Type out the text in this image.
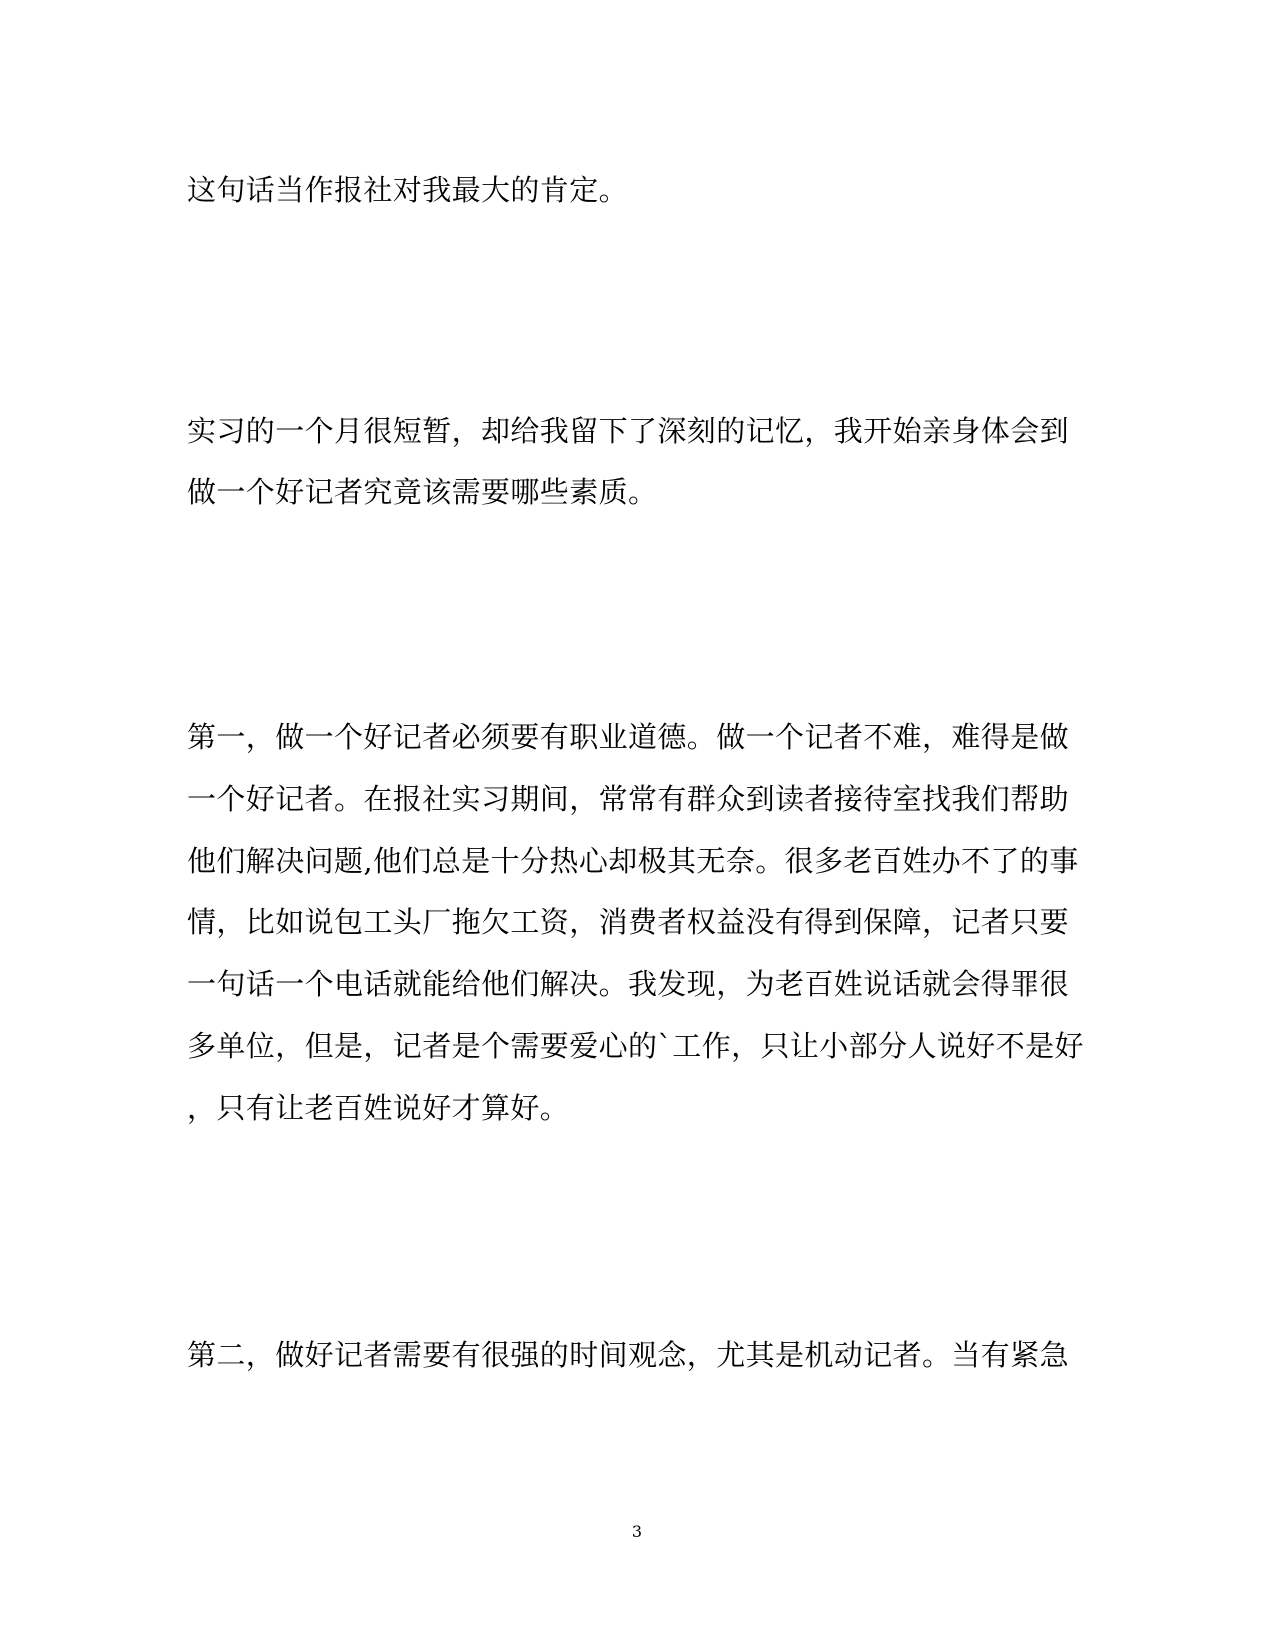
这句话当作报社对我最大的肯定。

实习的一个月很短暂，却给我留下了深刻的记忆，我开始亲身体会到

做一个好记者究竟该需要哪些素质。

第一，做一个好记者必须要有职业道德。做一个记者不难，难得是做

一个好记者。在报社实习期间，常常有群众到读者接待室找我们帮助

他们解决问题,他们总是十分热心却极其无奈。很多老百姓办不了的事

情，比如说包工头厂拖欠工资，消费者权益没有得到保障，记者只要

一句话一个电话就能给他们解决。我发现，为老百姓说话就会得罪很

多单位，但是，记者是个需要爱心的`工作，只让小部分人说好不是好

，只有让老百姓说好才算好。

第二，做好记者需要有很强的时间观念，尤其是机动记者。当有紧急

3
